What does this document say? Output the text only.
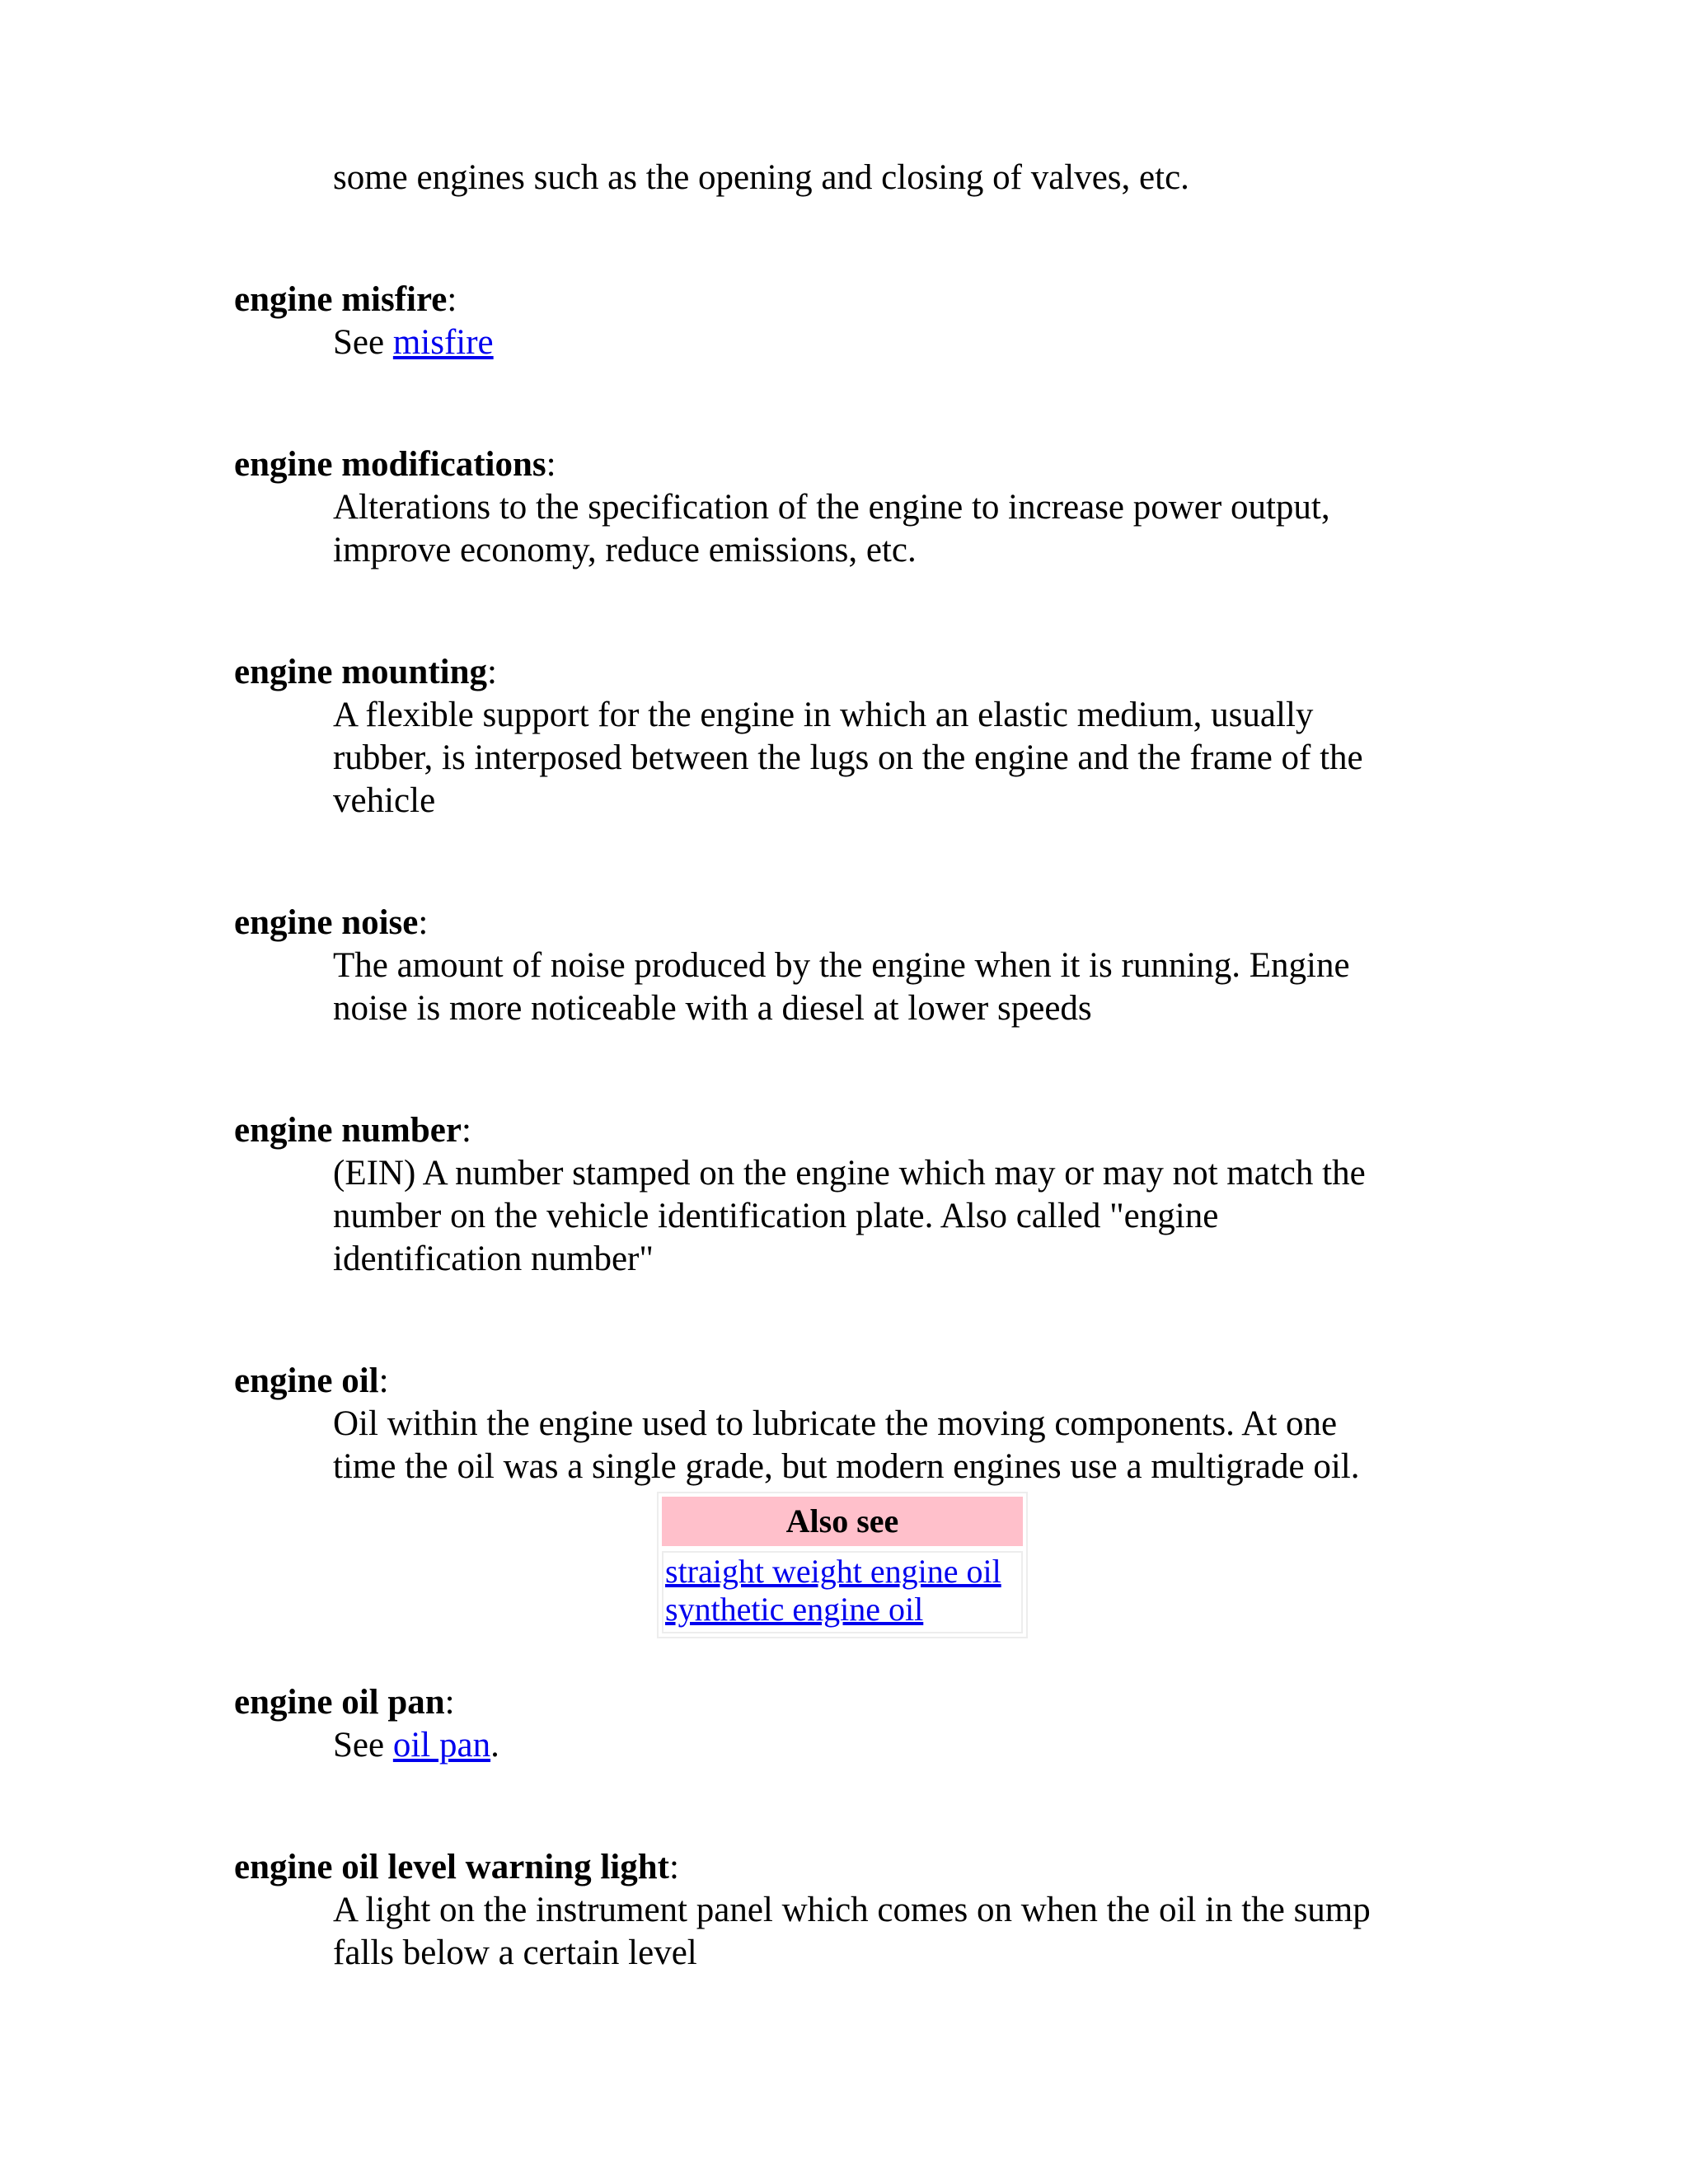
some engines such as the opening and closing of valves, etc.
engine misfire:
See misfire
engine modifications:
Alterations to the specification of the engine to increase power output,
improve economy, reduce emissions, etc.
engine mounting:
A flexible support for the engine in which an elastic medium, usually
rubber, is interposed between the lugs on the engine and the frame of the
vehicle
engine noise:
The amount of noise produced by the engine when it is running. Engine
noise is more noticeable with a diesel at lower speeds
engine number:
(EIN) A number stamped on the engine which may or may not match the
number on the vehicle identification plate. Also called "engine
identification number"
engine oil:
Oil within the engine used to lubricate the moving components. At one
time the oil was a single grade, but modern engines use a multigrade oil.
Also see
straight weight engine oil
synthetic engine oil
engine oil pan:
See oil pan.
engine oil level warning light:
A light on the instrument panel which comes on when the oil in the sump
falls below a certain level
